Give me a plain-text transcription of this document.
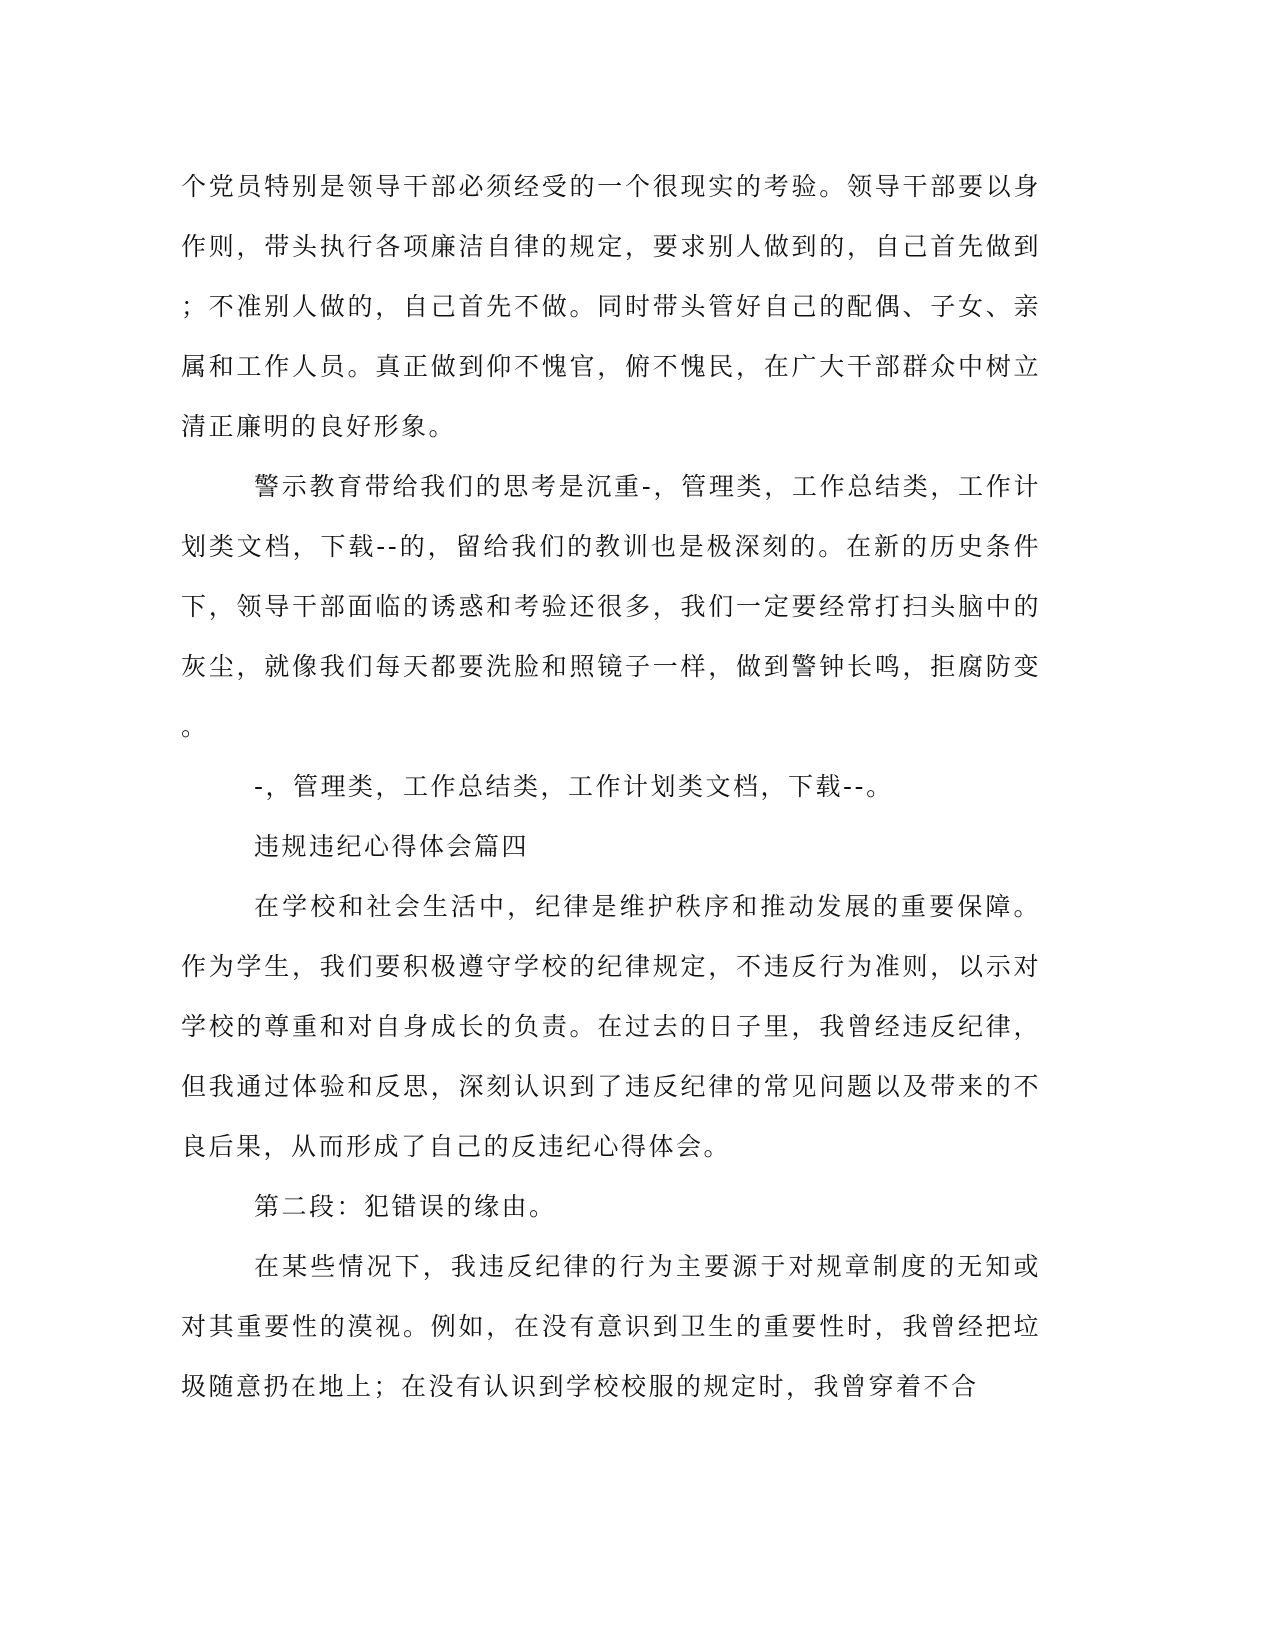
个党员特别是领导干部必须经受的一个很现实的考验。领导干部要以身作则，带头执行各项廉洁自律的规定，要求别人做到的，自己首先做到；不准别人做的，自己首先不做。同时带头管好自己的配偶、子女、亲属和工作人员。真正做到仰不愧官，俯不愧民，在广大干部群众中树立清正廉明的良好形象。

警示教育带给我们的思考是沉重-，管理类，工作总结类，工作计划类文档，下载--的，留给我们的教训也是极深刻的。在新的历史条件下，领导干部面临的诱惑和考验还很多，我们一定要经常打扫头脑中的灰尘，就像我们每天都要洗脸和照镜子一样，做到警钟长鸣，拒腐防变。

-，管理类，工作总结类，工作计划类文档，下载--。

违规违纪心得体会篇四

在学校和社会生活中，纪律是维护秩序和推动发展的重要保障。作为学生，我们要积极遵守学校的纪律规定，不违反行为准则，以示对学校的尊重和对自身成长的负责。在过去的日子里，我曾经违反纪律，但我通过体验和反思，深刻认识到了违反纪律的常见问题以及带来的不良后果，从而形成了自己的反违纪心得体会。

第二段：犯错误的缘由。

在某些情况下，我违反纪律的行为主要源于对规章制度的无知或对其重要性的漠视。例如，在没有意识到卫生的重要性时，我曾经把垃圾随意扔在地上；在没有认识到学校校服的规定时，我曾穿着不合
